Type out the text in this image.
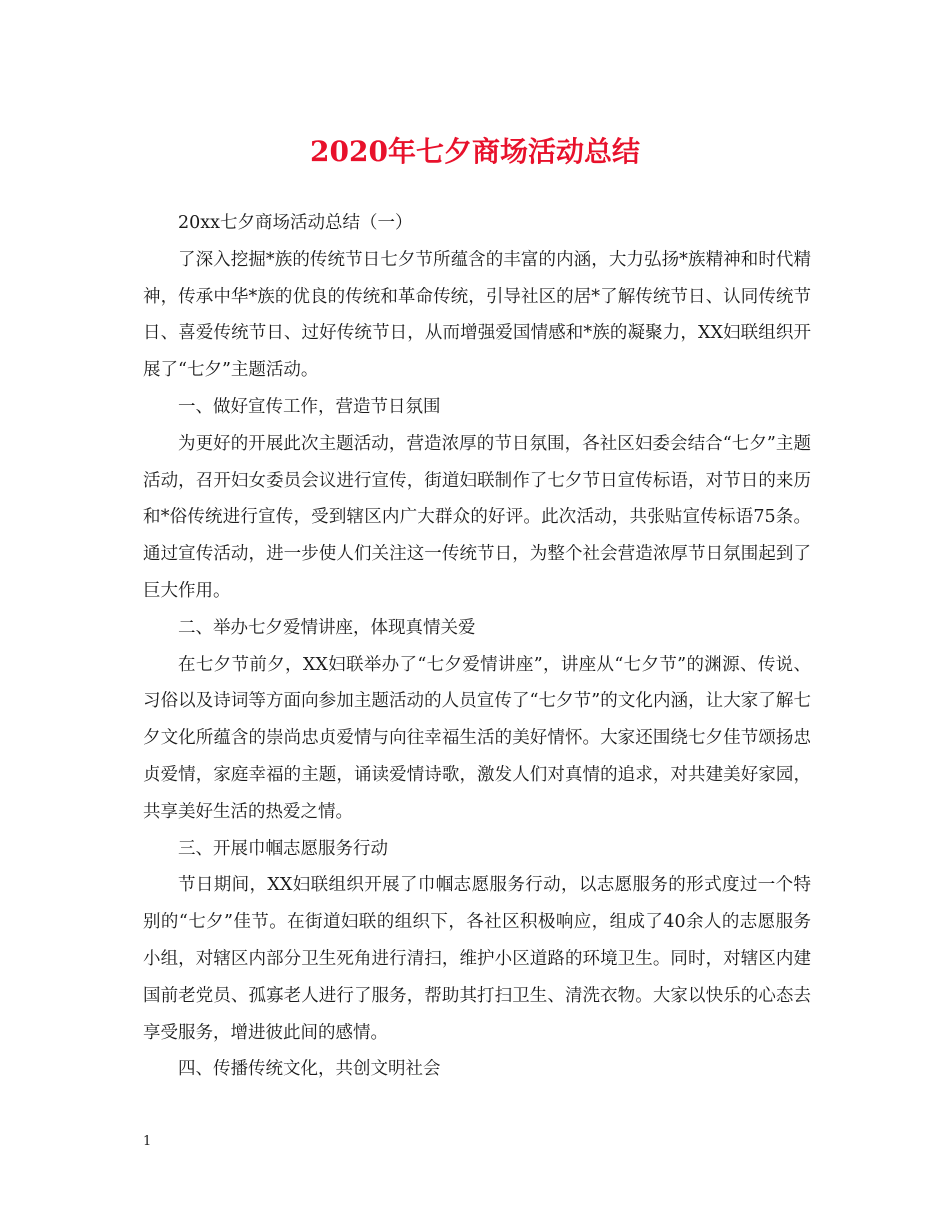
2020年七夕商场活动总结

20xx七夕商场活动总结（一）

了深入挖掘*族的传统节日七夕节所蕴含的丰富的内涵，大力弘扬*族精神和时代精神，传承中华*族的优良的传统和革命传统，引导社区的居*了解传统节日、认同传统节日、喜爱传统节日、过好传统节日，从而增强爱国情感和*族的凝聚力，XX妇联组织开展了“七夕”主题活动。

一、做好宣传工作，营造节日氛围

为更好的开展此次主题活动，营造浓厚的节日氛围，各社区妇委会结合“七夕”主题活动，召开妇女委员会议进行宣传，街道妇联制作了七夕节日宣传标语，对节日的来历和*俗传统进行宣传，受到辖区内广大群众的好评。此次活动，共张贴宣传标语75条。通过宣传活动，进一步使人们关注这一传统节日，为整个社会营造浓厚节日氛围起到了巨大作用。

二、举办七夕爱情讲座，体现真情关爱

在七夕节前夕，XX妇联举办了“七夕爱情讲座”，讲座从“七夕节”的渊源、传说、习俗以及诗词等方面向参加主题活动的人员宣传了“七夕节”的文化内涵，让大家了解七夕文化所蕴含的崇尚忠贞爱情与向往幸福生活的美好情怀。大家还围绕七夕佳节颂扬忠贞爱情，家庭幸福的主题，诵读爱情诗歌，激发人们对真情的追求，对共建美好家园，共享美好生活的热爱之情。

三、开展巾帼志愿服务行动

节日期间，XX妇联组织开展了巾帼志愿服务行动，以志愿服务的形式度过一个特别的“七夕”佳节。在街道妇联的组织下，各社区积极响应，组成了40余人的志愿服务小组，对辖区内部分卫生死角进行清扫，维护小区道路的环境卫生。同时，对辖区内建国前老党员、孤寡老人进行了服务，帮助其打扫卫生、清洗衣物。大家以快乐的心态去享受服务，增进彼此间的感情。

四、传播传统文化，共创文明社会

1
